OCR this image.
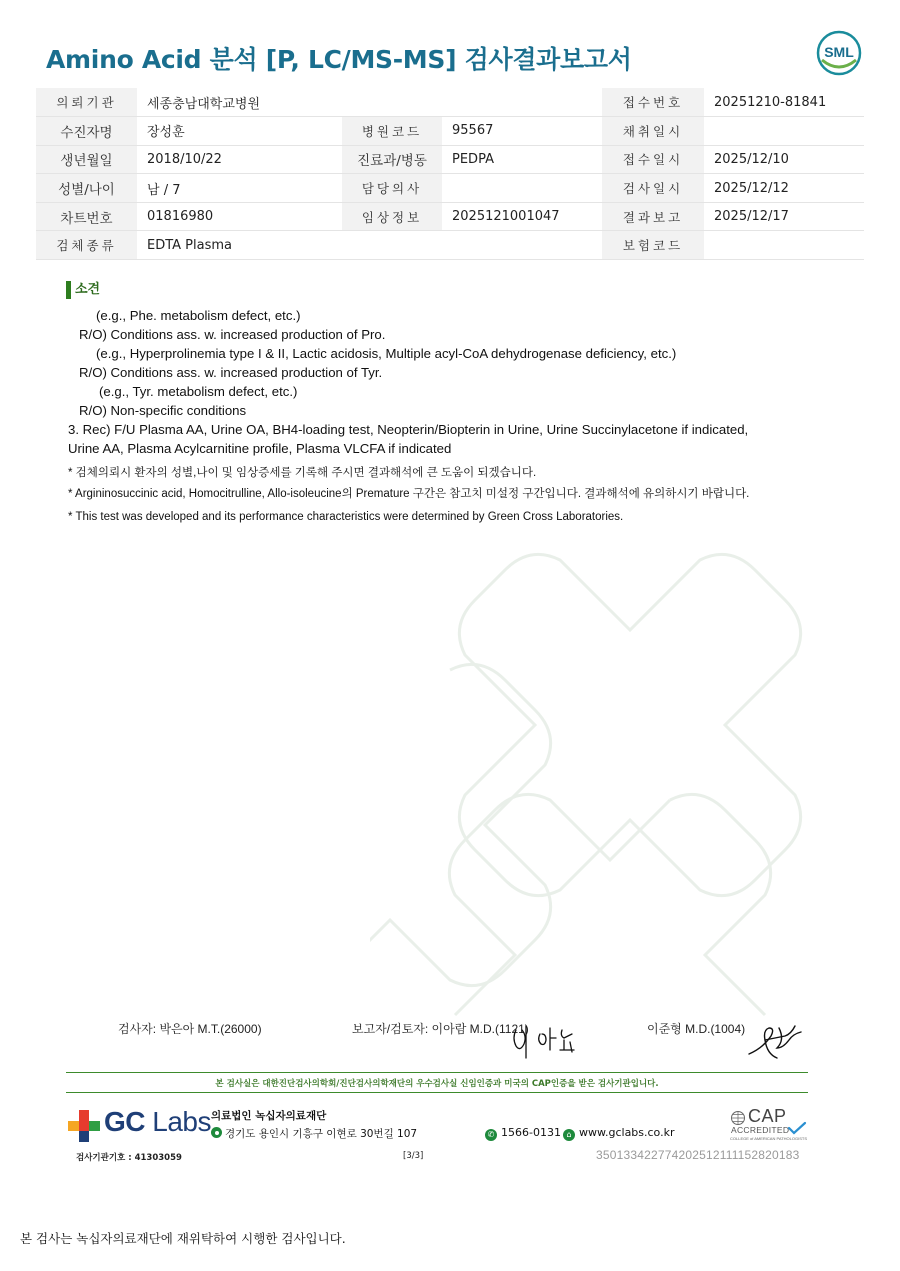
Amino Acid 분석 [P, LC/MS-MS] 검사결과보고서	SML
의뢰기관	세종충남대학교병원			접수번호	20251210-81841
수진자명	장성훈	병원코드	95567	채취일시	
생년월일	2018/10/22	진료과/병동	PEDPA	접수일시	2025/12/10
성별/나이	남 / 7	담당의사		검사일시	2025/12/12
차트번호	01816980	임상정보	2025121001047	결과보고	2025/12/17
검체종류	EDTA Plasma			보험코드	
소견
(e.g., Phe. metabolism defect, etc.)
R/O) Conditions ass. w. increased production of Pro.
(e.g., Hyperprolinemia type I & II, Lactic acidosis, Multiple acyl-CoA dehydrogenase deficiency, etc.)
R/O) Conditions ass. w. increased production of Tyr.
(e.g., Tyr. metabolism defect, etc.)
R/O) Non-specific conditions
3. Rec) F/U Plasma AA, Urine OA, BH4-loading test, Neopterin/Biopterin in Urine, Urine Succinylacetone if indicated,
Urine AA, Plasma Acylcarnitine profile, Plasma VLCFA if indicated
* 검체의뢰시 환자의 성별,나이 및 임상증세를 기록해 주시면 결과해석에 큰 도움이 되겠습니다.
* Argininosuccinic acid, Homocitrulline, Allo-isoleucine의 Premature 구간은 참고치 미설정 구간입니다. 결과해석에 유의하시기 바랍니다.
* This test was developed and its performance characteristics were determined by Green Cross Laboratories.
검사자: 박은아 M.T.(26000)	보고자/검토자: 이아람 M.D.(1121)	이준형 M.D.(1004)
본 검사실은 대한진단검사의학회/진단검사의학재단의 우수검사실 신임인증과 미국의 CAP인증을 받은 검사기관입니다.
GC Labs 의료법인 녹십자의료재단
경기도 용인시 기흥구 이현로 30번길 107	✆ 1566-0131 ⌂ www.gclabs.co.kr
CAP
ACCREDITED
COLLEGE of AMERICAN PATHOLOGISTS
검사기관기호 : 41303059	[3/3]	350133422774202512111152820183
본 검사는 녹십자의료재단에 재위탁하여 시행한 검사입니다.
